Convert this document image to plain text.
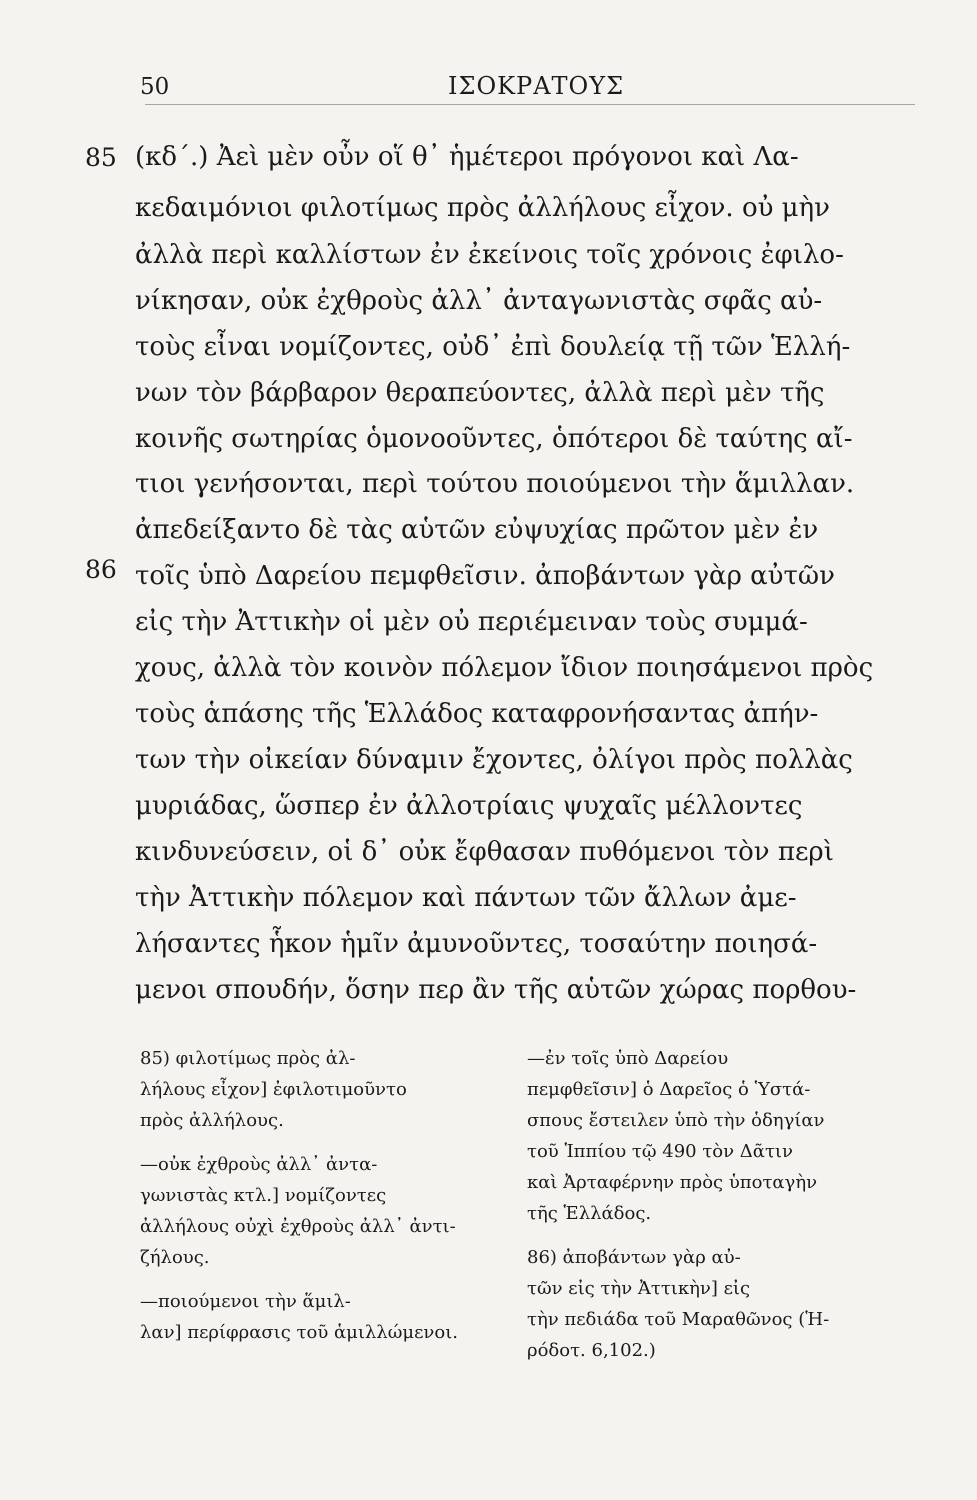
50	ΙΣΟΚΡΑΤΟΥΣ
85
86
(κδ΄.) Ἀεὶ μὲν οὖν οἵ θ᾽ ἡμέτεροι πρόγονοι καὶ Λα-
κεδαιμόνιοι φιλοτίμως πρὸς ἀλλήλους εἶχον. οὐ μὴν
ἀλλὰ περὶ καλλίστων ἐν ἐκείνοις τοῖς χρόνοις ἐφιλο-
νίκησαν, οὐκ ἐχθροὺς ἀλλ᾽ ἀνταγωνιστὰς σφᾶς αὐ-
τοὺς εἶναι νομίζοντες, οὐδ᾽ ἐπὶ δουλείᾳ τῇ τῶν Ἑλλή-
νων τὸν βάρβαρον θεραπεύοντες, ἀλλὰ περὶ μὲν τῆς
κοινῆς σωτηρίας ὁμονοοῦντες, ὁπότεροι δὲ ταύτης αἴ-
τιοι γενήσονται, περὶ τούτου ποιούμενοι τὴν ἅμιλλαν.
ἀπεδείξαντο δὲ τὰς αὑτῶν εὐψυχίας πρῶτον μὲν ἐν
τοῖς ὑπὸ Δαρείου πεμφθεῖσιν. ἀποβάντων γὰρ αὐτῶν
εἰς τὴν Ἀττικὴν οἱ μὲν οὐ περιέμειναν τοὺς συμμά-
χους, ἀλλὰ τὸν κοινὸν πόλεμον ἴδιον ποιησάμενοι πρὸς
τοὺς ἁπάσης τῆς Ἑλλάδος καταφρονήσαντας ἀπήν-
των τὴν οἰκείαν δύναμιν ἔχοντες, ὀλίγοι πρὸς πολλὰς
μυριάδας, ὥσπερ ἐν ἀλλοτρίαις ψυχαῖς μέλλοντες
κινδυνεύσειν, οἱ δ᾽ οὐκ ἔφθασαν πυθόμενοι τὸν περὶ
τὴν Ἀττικὴν πόλεμον καὶ πάντων τῶν ἄλλων ἀμε-
λήσαντες ἧκον ἡμῖν ἀμυνοῦντες, τοσαύτην ποιησά-
μενοι σπουδήν, ὅσην περ ἂν τῆς αὑτῶν χώρας πορθου-
85) φιλοτίμως πρὸς ἀλ-
λήλους εἶχον] ἐφιλοτιμοῦντο
πρὸς ἀλλήλους.
—οὐκ ἐχθροὺς ἀλλ᾽ ἀντα-
γωνιστὰς κτλ.] νομίζοντες
ἀλλήλους οὐχὶ ἐχθροὺς ἀλλ᾽ ἀντι-
ζήλους.
—ποιούμενοι τὴν ἅμιλ-
λαν] περίφρασις τοῦ ἁμιλλώμενοι.
—ἐν τοῖς ὑπὸ Δαρείου
πεμφθεῖσιν] ὁ Δαρεῖος ὁ Ὑστά-
σπους ἔστειλεν ὑπὸ τὴν ὁδηγίαν
τοῦ Ἱππίου τῷ 490 τὸν Δᾶτιν
καὶ Ἀρταφέρνην πρὸς ὑποταγὴν
τῆς Ἑλλάδος.
86) ἀποβάντων γὰρ αὐ-
τῶν εἰς τὴν Ἀττικὴν] εἰς
τὴν πεδιάδα τοῦ Μαραθῶνος (Ἡ-
ρόδοτ. 6,102.)
